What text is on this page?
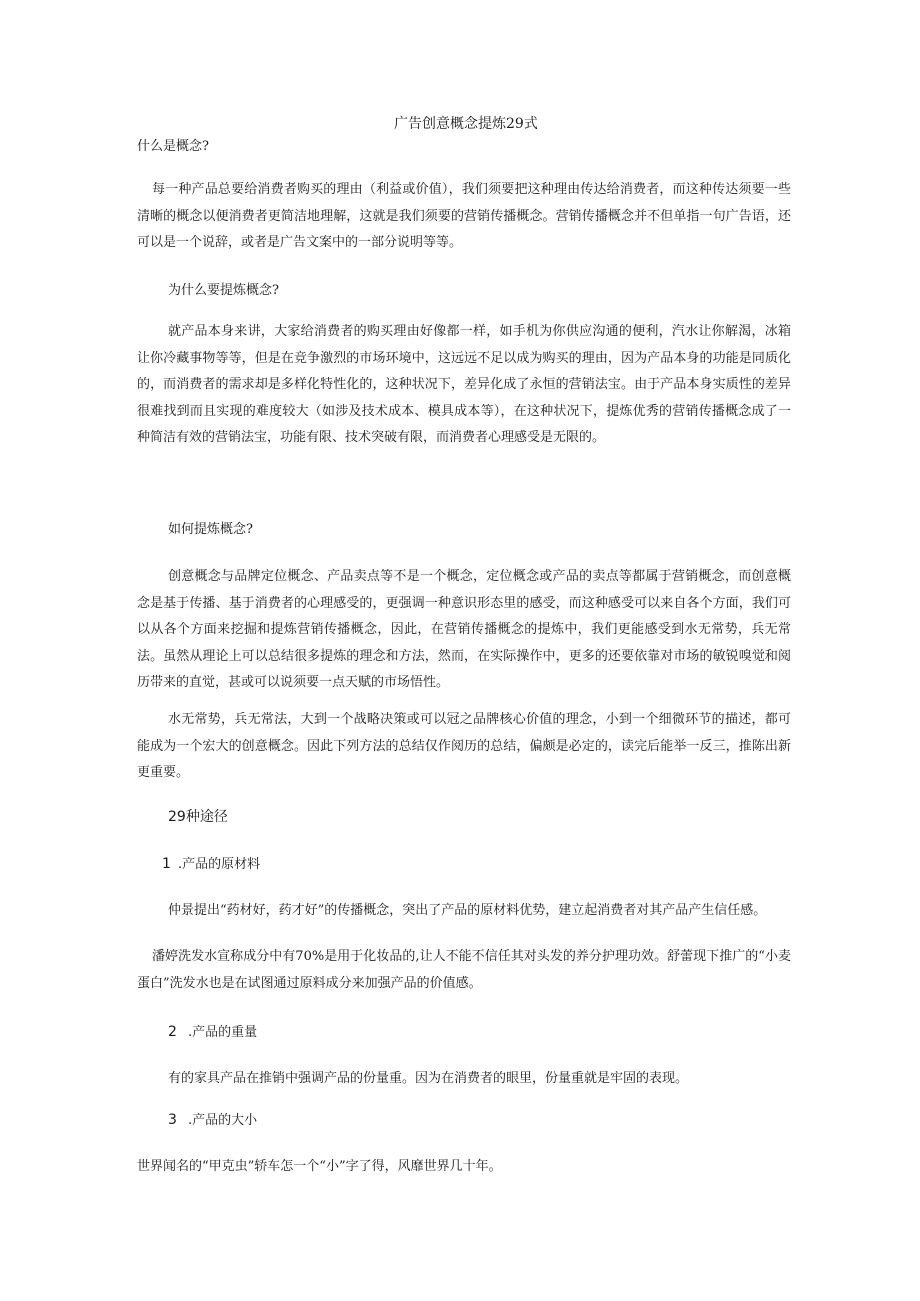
广告创意概念提炼29式
什么是概念?
每一种产品总要给消费者购买的理由（利益或价值），我们须要把这种理由传达给消费者，而这种传达须要一些清晰的概念以便消费者更简洁地理解，这就是我们须要的营销传播概念。营销传播概念并不但单指一句广告语，还可以是一个说辞，或者是广告文案中的一部分说明等等。
为什么要提炼概念?
就产品本身来讲，大家给消费者的购买理由好像都一样，如手机为你供应沟通的便利，汽水让你解渴，冰箱让你冷藏事物等等，但是在竞争激烈的市场环境中，这远远不足以成为购买的理由，因为产品本身的功能是同质化的，而消费者的需求却是多样化特性化的，这种状况下，差异化成了永恒的营销法宝。由于产品本身实质性的差异很难找到而且实现的难度较大（如涉及技术成本、模具成本等），在这种状况下，提炼优秀的营销传播概念成了一种简洁有效的营销法宝，功能有限、技术突破有限，而消费者心理感受是无限的。
如何提炼概念?
创意概念与品牌定位概念、产品卖点等不是一个概念，定位概念或产品的卖点等都属于营销概念，而创意概念是基于传播、基于消费者的心理感受的，更强调一种意识形态里的感受，而这种感受可以来自各个方面，我们可以从各个方面来挖掘和提炼营销传播概念，因此，在营销传播概念的提炼中，我们更能感受到水无常势，兵无常法。虽然从理论上可以总结很多提炼的理念和方法，然而，在实际操作中，更多的还要依靠对市场的敏锐嗅觉和阅历带来的直觉，甚或可以说须要一点天赋的市场悟性。
水无常势，兵无常法，大到一个战略决策或可以冠之品牌核心价值的理念，小到一个细微环节的描述，都可能成为一个宏大的创意概念。因此下列方法的总结仅作阅历的总结，偏颇是必定的，读完后能举一反三，推陈出新更重要。
29种途径
1 .产品的原材料
仲景提出“药材好，药才好”的传播概念，突出了产品的原材料优势，建立起消费者对其产品产生信任感。
潘婷洗发水宣称成分中有70%是用于化妆品的,让人不能不信任其对头发的养分护理功效。舒蕾现下推广的“小麦蛋白”洗发水也是在试图通过原料成分来加强产品的价值感。
2 .产品的重量
有的家具产品在推销中强调产品的份量重。因为在消费者的眼里，份量重就是牢固的表现。
3 .产品的大小
世界闻名的“甲克虫”轿车怎一个“小”字了得，风靡世界几十年。
